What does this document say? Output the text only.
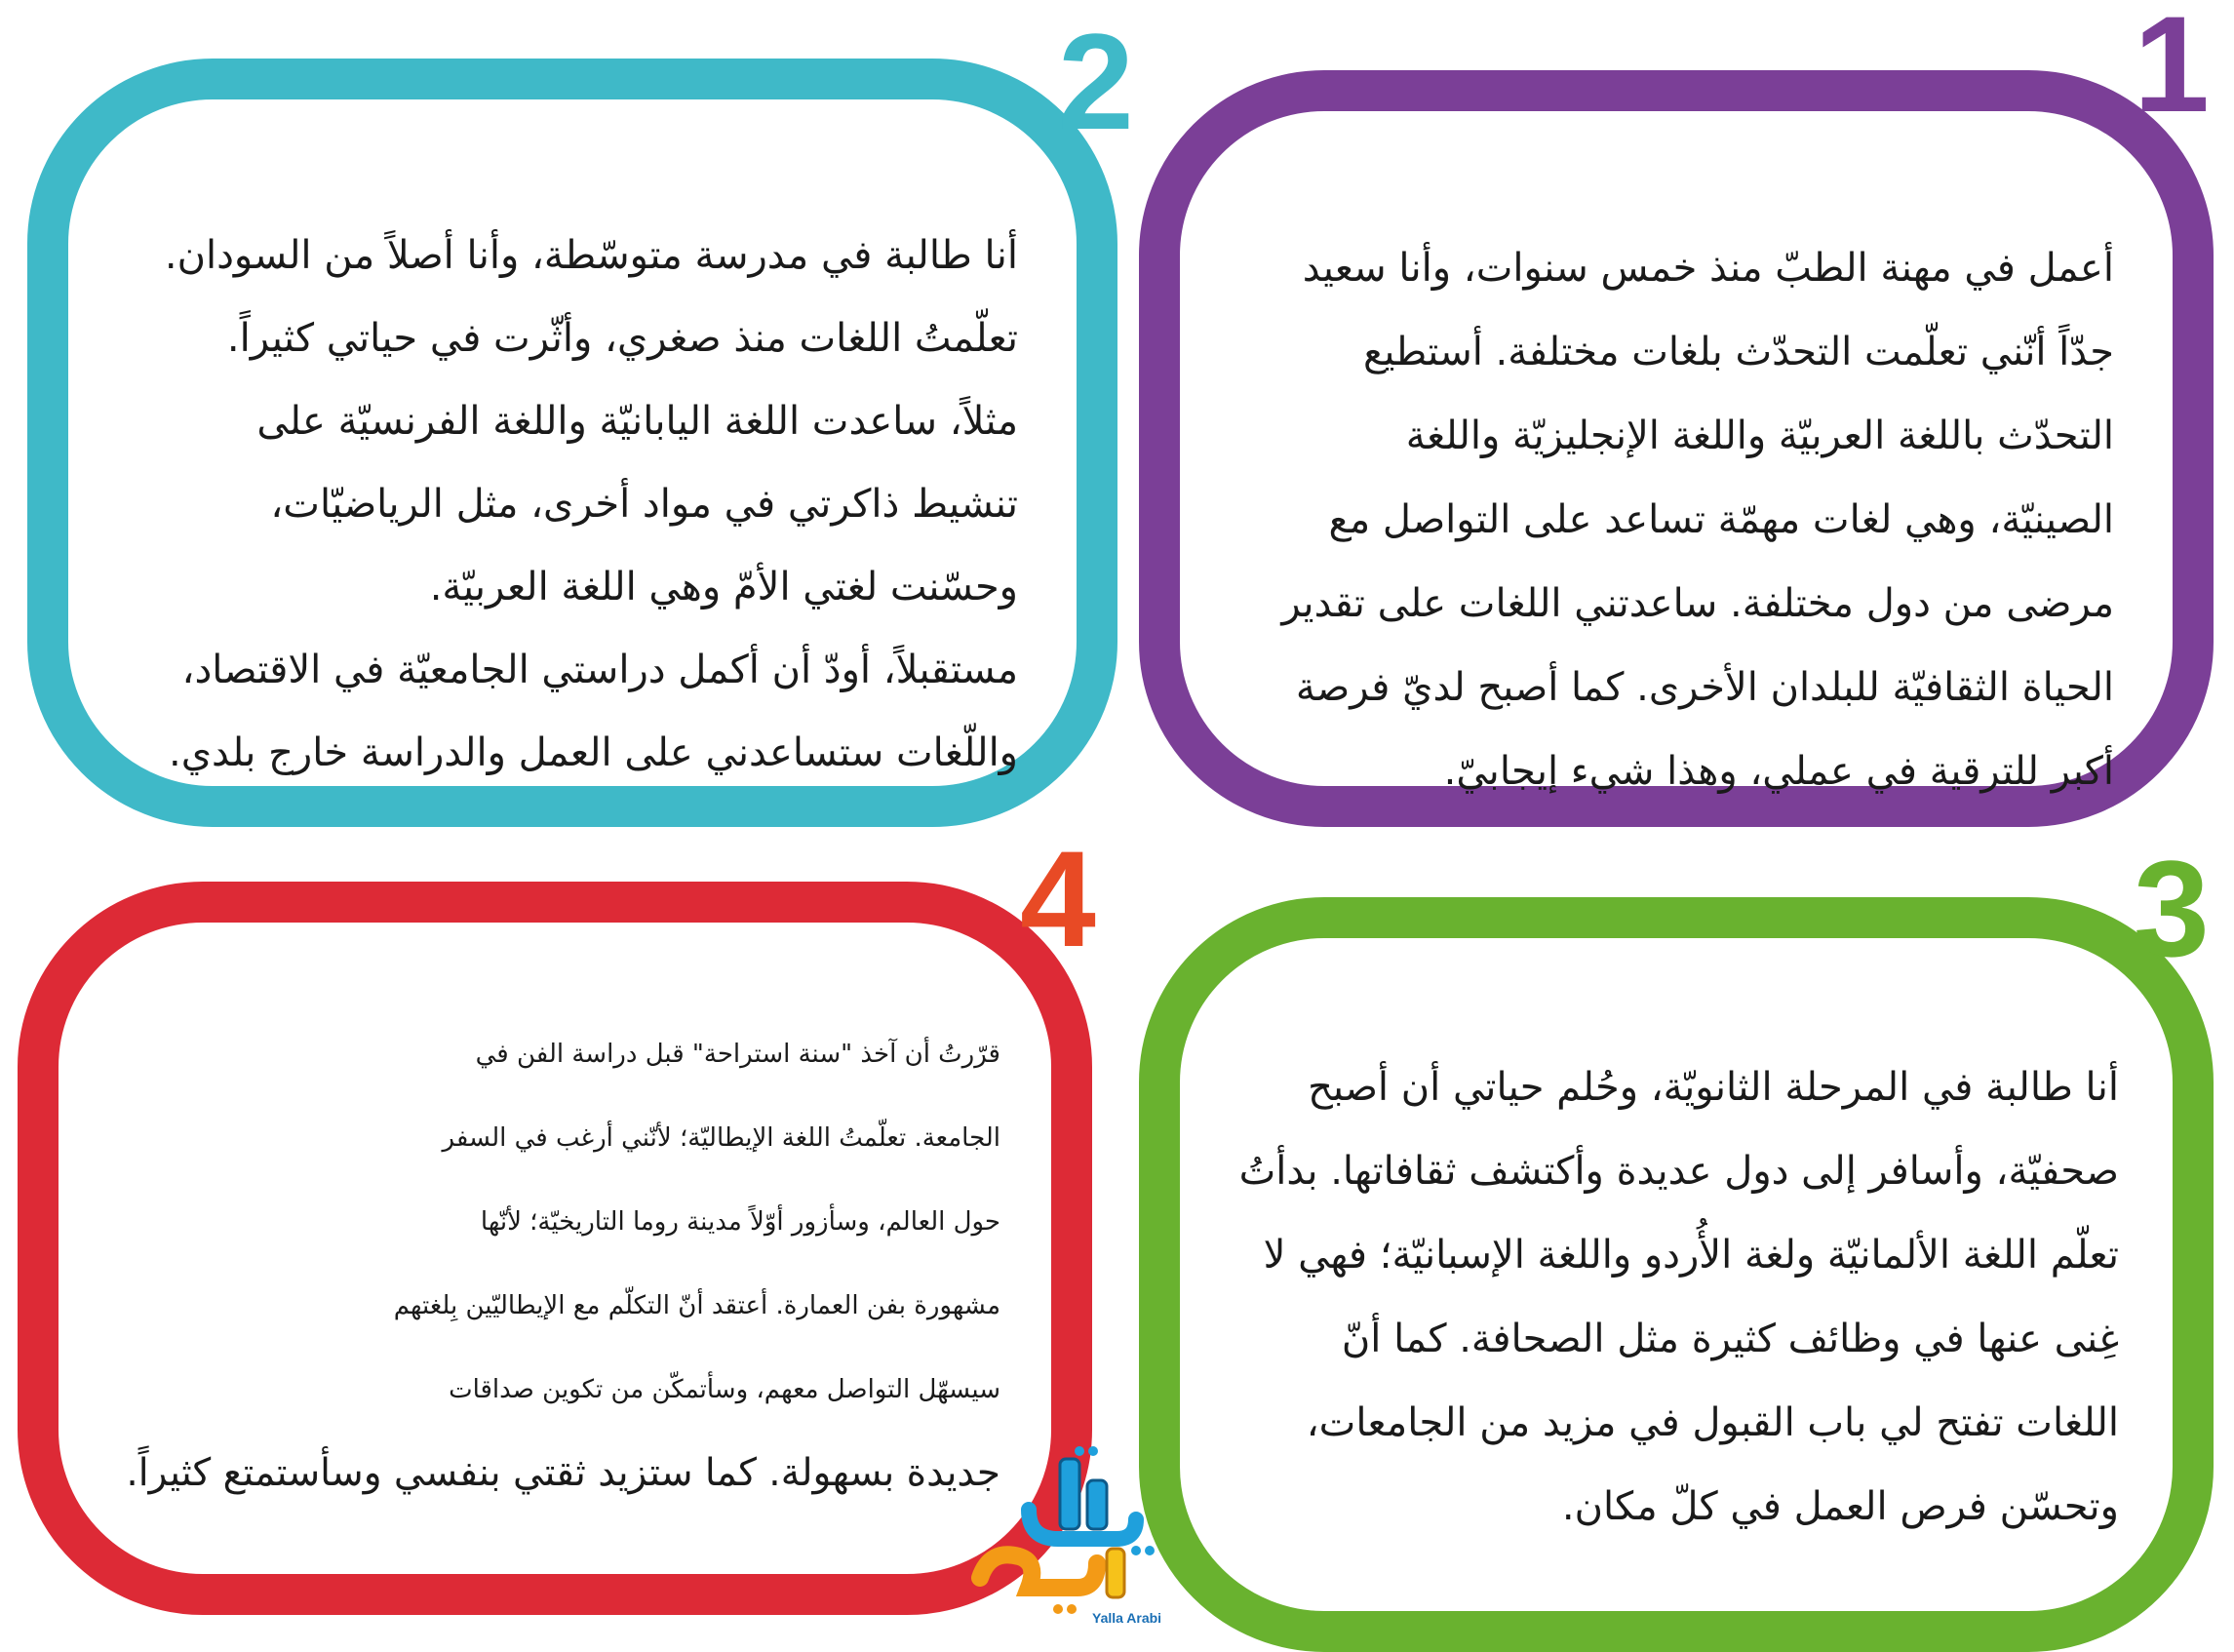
أعمل في مهنة الطبّ منذ خمس سنوات، وأنا سعيد
جدّاً أنّني تعلّمت التحدّث بلغات مختلفة. أستطيع
التحدّث باللغة العربيّة واللغة الإنجليزيّة واللغة
الصينيّة، وهي لغات مهمّة تساعد على التواصل مع
مرضى من دول مختلفة. ساعدتني اللغات على تقدير
الحياة الثقافيّة للبلدان الأخرى. كما أصبح لديّ فرصة
أكبر للترقية في عملي، وهذا شيء إيجابيّ.
أنا طالبة في مدرسة متوسّطة، وأنا أصلاً من السودان.
تعلّمتُ اللغات منذ صغري، وأثّرت في حياتي كثيراً.
مثلاً، ساعدت اللغة اليابانيّة واللغة الفرنسيّة على
تنشيط ذاكرتي في مواد أخرى، مثل الرياضيّات،
وحسّنت لغتي الأمّ وهي اللغة العربيّة.
مستقبلاً، أودّ أن أكمل دراستي الجامعيّة في الاقتصاد،
واللّغات ستساعدني على العمل والدراسة خارج بلدي.
أنا طالبة في المرحلة الثانويّة، وحُلم حياتي أن أصبح
صحفيّة، وأسافر إلى دول عديدة وأكتشف ثقافاتها. بدأتُ
تعلّم اللغة الألمانيّة ولغة الأُردو واللغة الإسبانيّة؛ فهي لا
غِنى عنها في وظائف كثيرة مثل الصحافة. كما أنّ
اللغات تفتح لي باب القبول في مزيد من الجامعات،
وتحسّن فرص العمل في كلّ مكان.
قرّرتُ أن آخذ "سنة استراحة" قبل دراسة الفن في
الجامعة. تعلّمتُ اللغة الإيطاليّة؛ لأنّني أرغب في السفر
حول العالم، وسأزور أوّلاً مدينة روما التاريخيّة؛ لأنّها
مشهورة بفن العمارة. أعتقد أنّ التكلّم مع الإيطاليّين بِلغتهم
سيسهّل التواصل معهم، وسأتمكّن من تكوين صداقات
جديدة بسهولة. كما ستزيد ثقتي بنفسي وسأستمتع كثيراً.
1
2
3
4
Yalla Arabi
